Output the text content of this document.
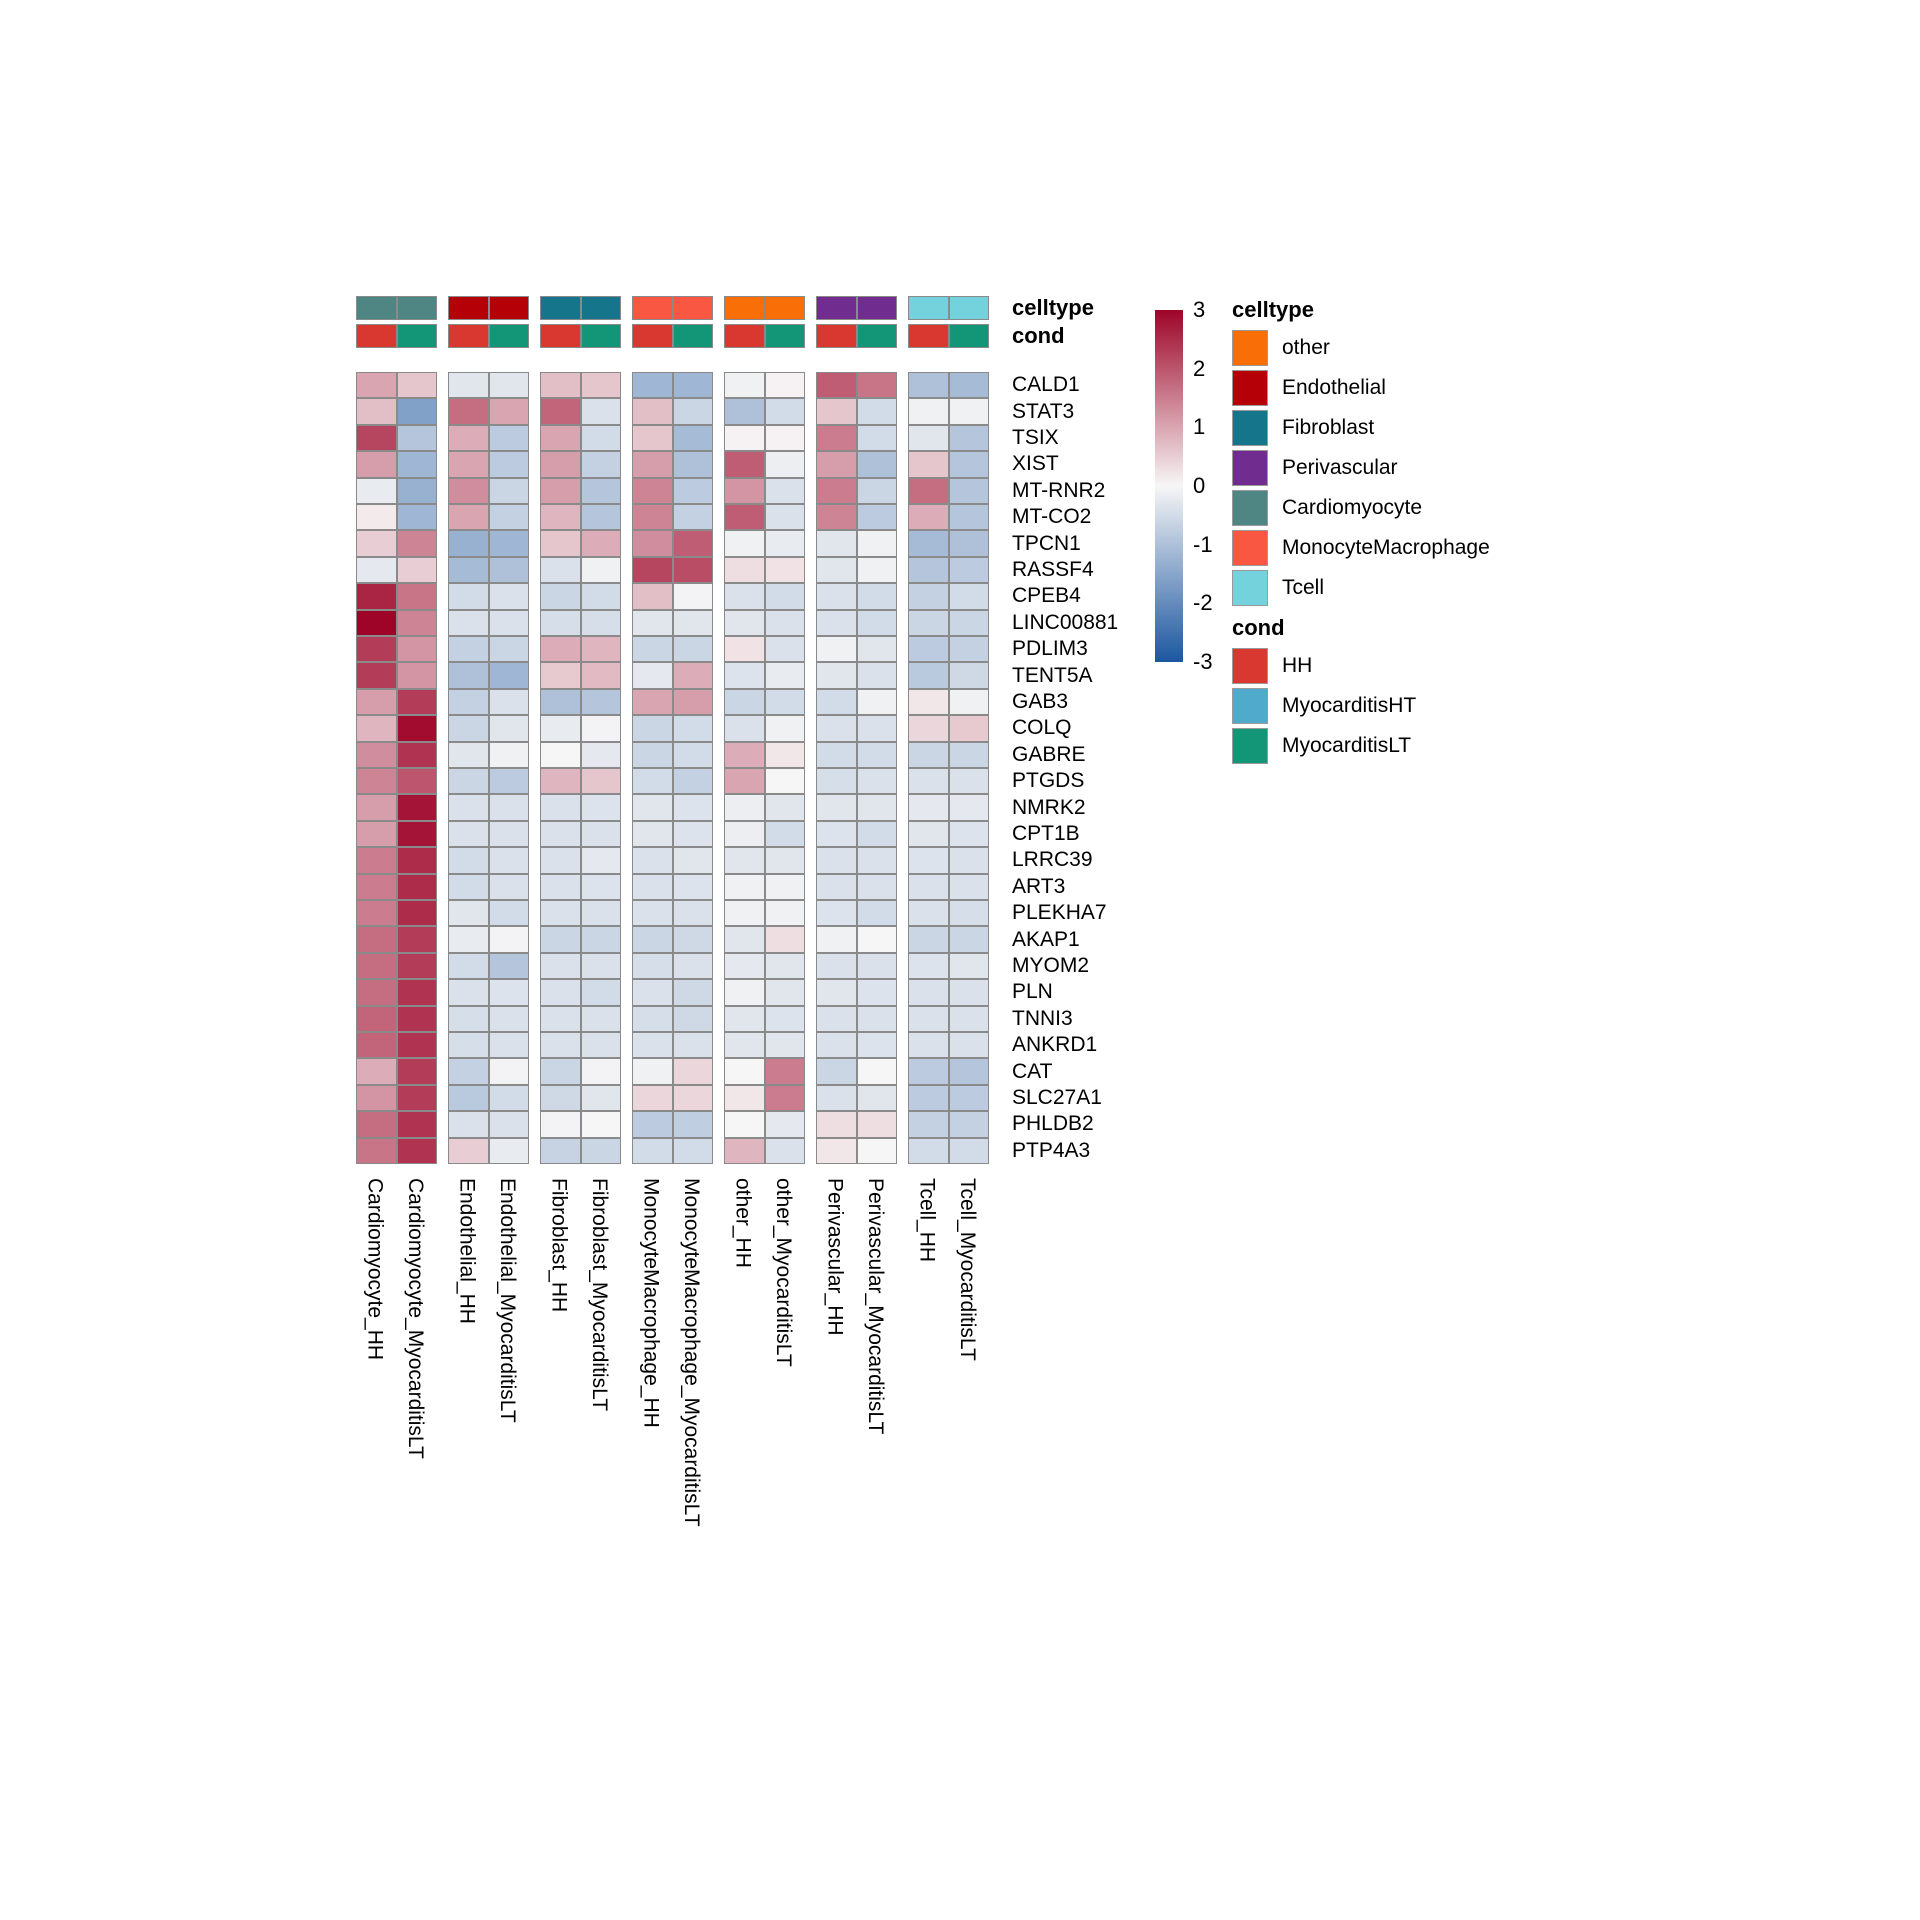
celltype
cond
CALD1
STAT3
TSIX
XIST
MT-RNR2
MT-CO2
TPCN1
RASSF4
CPEB4
LINC00881
PDLIM3
TENT5A
GAB3
COLQ
GABRE
PTGDS
NMRK2
CPT1B
LRRC39
ART3
PLEKHA7
AKAP1
MYOM2
PLN
TNNI3
ANKRD1
CAT
SLC27A1
PHLDB2
PTP4A3
Cardiomyocyte_HH Cardiomyocyte_MyocarditisLT Endothelial_HH Endothelial_MyocarditisLT Fibroblast_HH Fibroblast_MyocarditisLT MonocyteMacrophage_HH MonocyteMacrophage_MyocarditisLT other_HH other_MyocarditisLT Perivascular_HH Perivascular_MyocarditisLT Tcell_HH Tcell_MyocarditisLT
3
2
1
0
-1
-2
-3
celltype
other
Endothelial
Fibroblast
Perivascular
Cardiomyocyte
MonocyteMacrophage
Tcell
cond
HH
MyocarditisHT
MyocarditisLT
